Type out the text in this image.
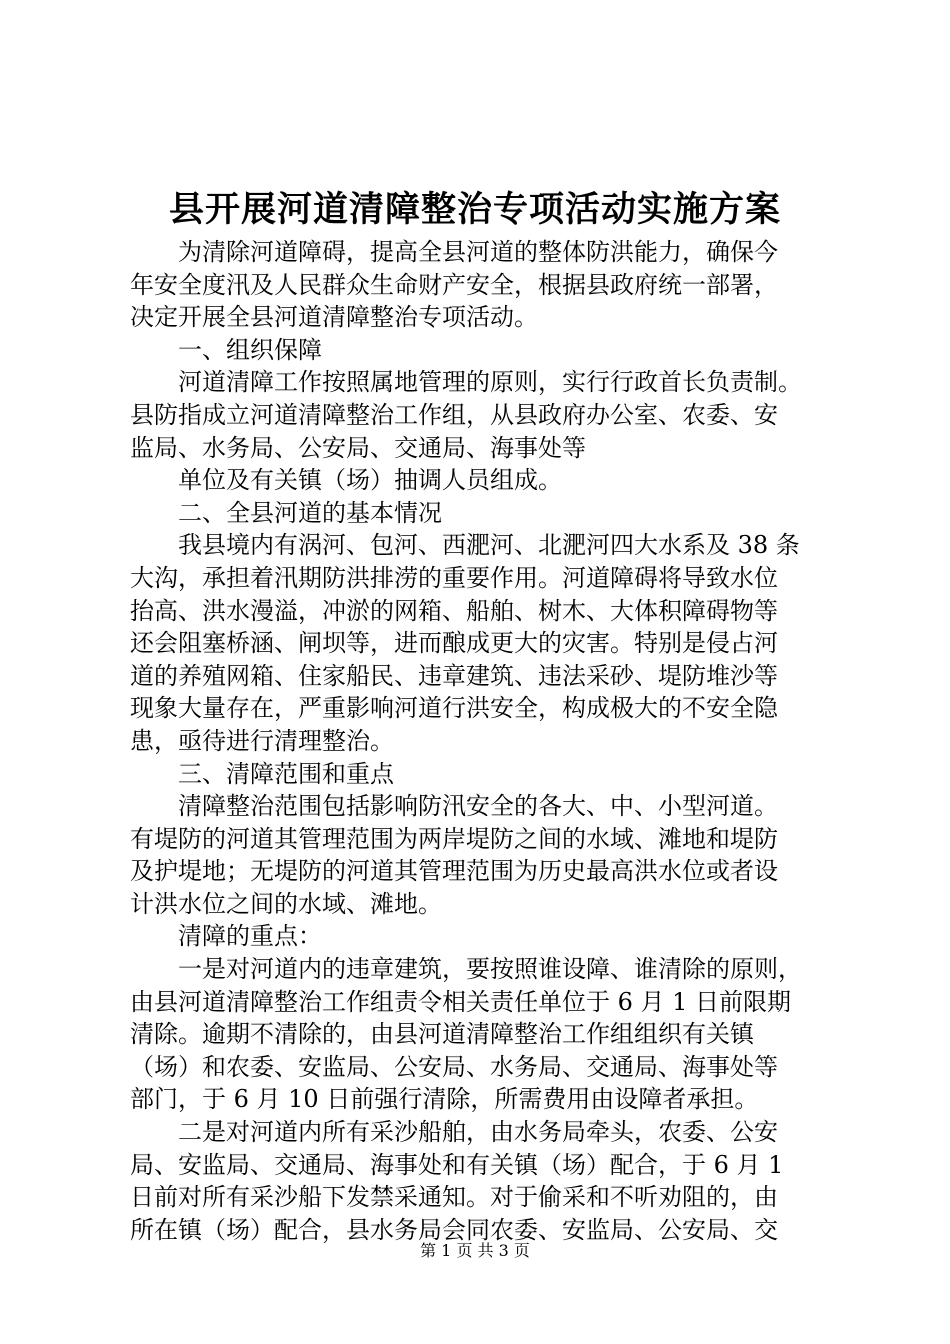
县开展河道清障整治专项活动实施方案
为清除河道障碍，提高全县河道的整体防洪能力，确保今
年安全度汛及人民群众生命财产安全，根据县政府统一部署，
决定开展全县河道清障整治专项活动。
一、组织保障
河道清障工作按照属地管理的原则，实行行政首长负责制。
县防指成立河道清障整治工作组，从县政府办公室、农委、安
监局、水务局、公安局、交通局、海事处等
单位及有关镇（场）抽调人员组成。
二、全县河道的基本情况
我县境内有涡河、包河、西淝河、北淝河四大水系及 38 条
大沟，承担着汛期防洪排涝的重要作用。河道障碍将导致水位
抬高、洪水漫溢，冲淤的网箱、船舶、树木、大体积障碍物等
还会阻塞桥涵、闸坝等，进而酿成更大的灾害。特别是侵占河
道的养殖网箱、住家船民、违章建筑、违法采砂、堤防堆沙等
现象大量存在，严重影响河道行洪安全，构成极大的不安全隐
患，亟待进行清理整治。
三、清障范围和重点
清障整治范围包括影响防汛安全的各大、中、小型河道。
有堤防的河道其管理范围为两岸堤防之间的水域、滩地和堤防
及护堤地；无堤防的河道其管理范围为历史最高洪水位或者设
计洪水位之间的水域、滩地。
清障的重点：
一是对河道内的违章建筑，要按照谁设障、谁清除的原则，
由县河道清障整治工作组责令相关责任单位于 6 月 1 日前限期
清除。逾期不清除的，由县河道清障整治工作组组织有关镇
（场）和农委、安监局、公安局、水务局、交通局、海事处等
部门，于 6 月 10 日前强行清除，所需费用由设障者承担。
二是对河道内所有采沙船舶，由水务局牵头，农委、公安
局、安监局、交通局、海事处和有关镇（场）配合，于 6 月 1
日前对所有采沙船下发禁采通知。对于偷采和不听劝阻的，由
所在镇（场）配合，县水务局会同农委、安监局、公安局、交
第 1 页 共 3 页
